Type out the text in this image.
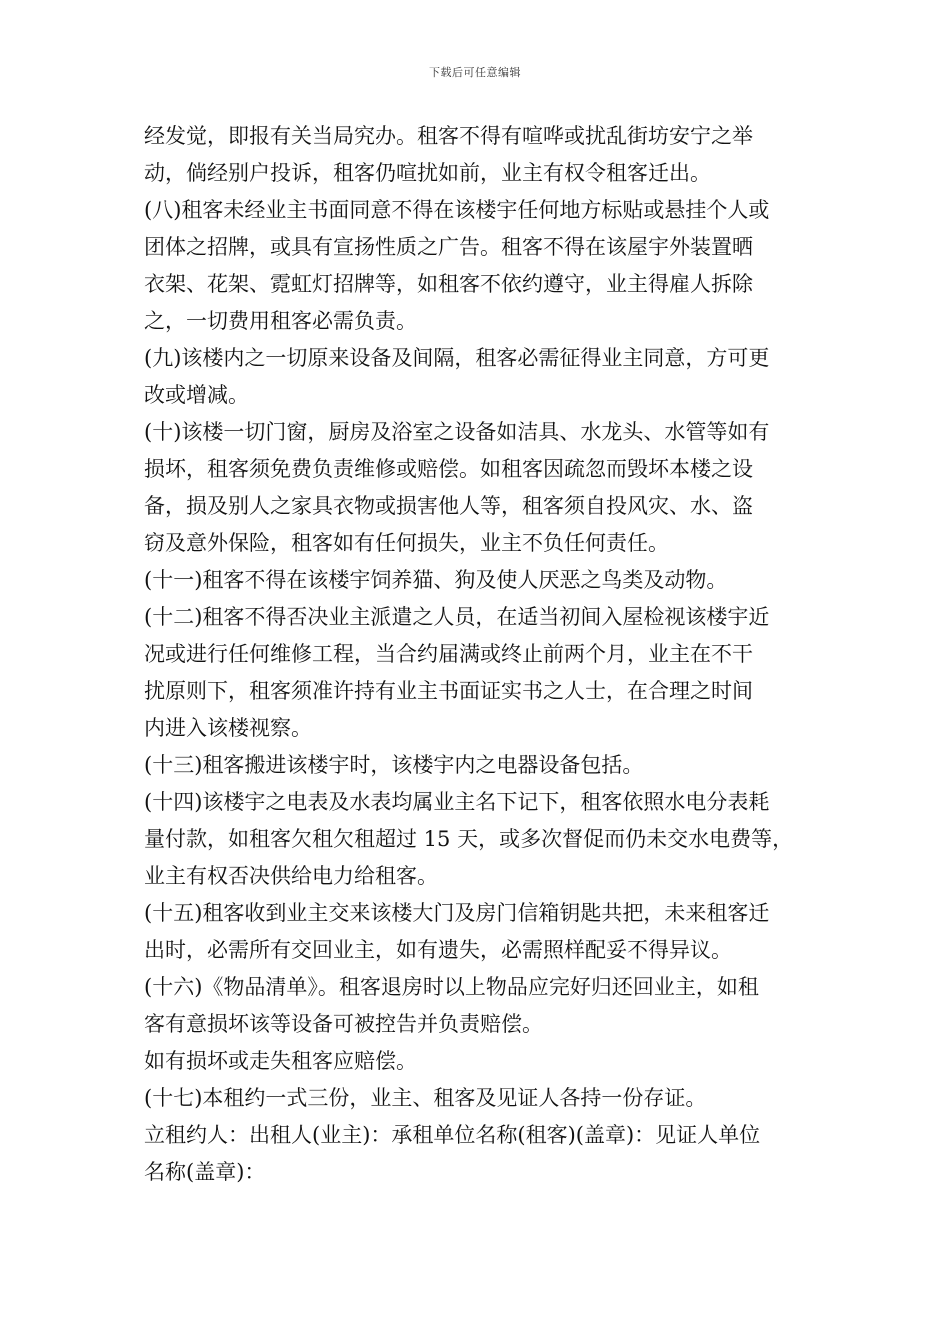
下载后可任意编辑
经发觉，即报有关当局究办。租客不得有喧哗或扰乱街坊安宁之举
动，倘经别户投诉，租客仍喧扰如前，业主有权令租客迁出。
(八)租客未经业主书面同意不得在该楼宇任何地方标贴或悬挂个人或
团体之招牌，或具有宣扬性质之广告。租客不得在该屋宇外装置晒
衣架、花架、霓虹灯招牌等，如租客不依约遵守，业主得雇人拆除
之，一切费用租客必需负责。
(九)该楼内之一切原来设备及间隔，租客必需征得业主同意，方可更
改或增减。
(十)该楼一切门窗，厨房及浴室之设备如洁具、水龙头、水管等如有
损坏，租客须免费负责维修或赔偿。如租客因疏忽而毁坏本楼之设
备，损及别人之家具衣物或损害他人等，租客须自投风灾、水、盗
窃及意外保险，租客如有任何损失，业主不负任何责任。
(十一)租客不得在该楼宇饲养猫、狗及使人厌恶之鸟类及动物。
(十二)租客不得否决业主派遣之人员，在适当初间入屋检视该楼宇近
况或进行任何维修工程，当合约届满或终止前两个月，业主在不干
扰原则下，租客须准许持有业主书面证实书之人士，在合理之时间
内进入该楼视察。
(十三)租客搬进该楼宇时，该楼宇内之电器设备包括。
(十四)该楼宇之电表及水表均属业主名下记下，租客依照水电分表耗
量付款，如租客欠租欠租超过 15 天，或多次督促而仍未交水电费等，
业主有权否决供给电力给租客。
(十五)租客收到业主交来该楼大门及房门信箱钥匙共把，未来租客迁
出时，必需所有交回业主，如有遗失，必需照样配妥不得异议。
(十六)《物品清单》。租客退房时以上物品应完好归还回业主，如租
客有意损坏该等设备可被控告并负责赔偿。
如有损坏或走失租客应赔偿。
(十七)本租约一式三份，业主、租客及见证人各持一份存证。
立租约人：出租人(业主)：承租单位名称(租客)(盖章)：见证人单位
名称(盖章)：
